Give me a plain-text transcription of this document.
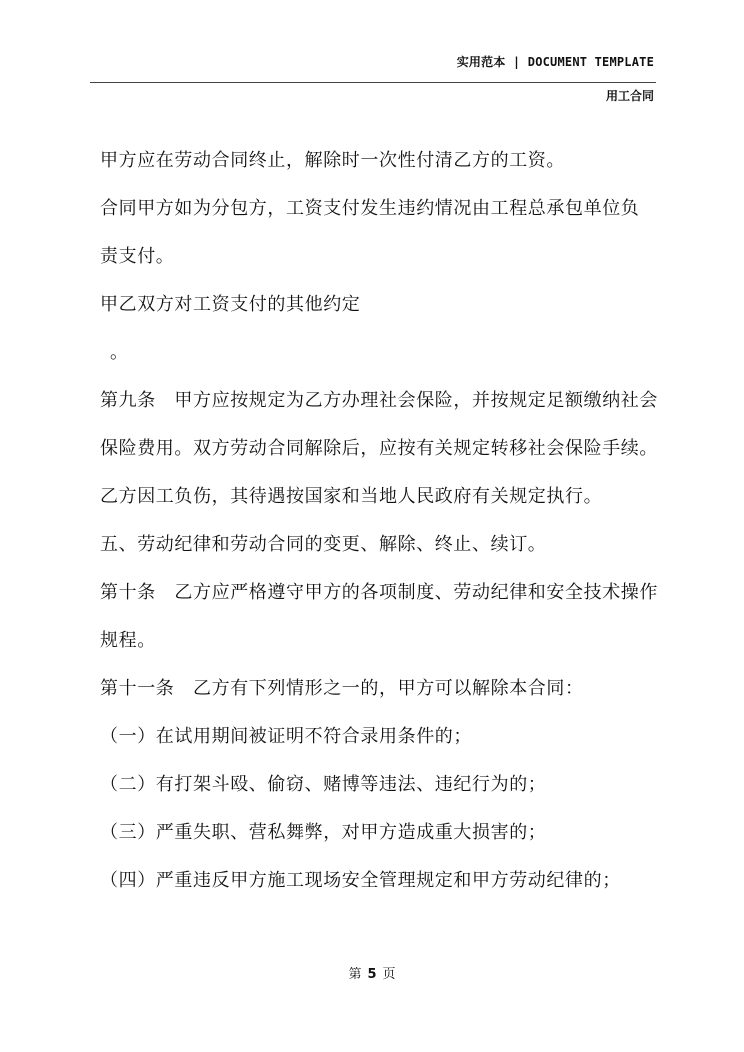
实用范本 | DOCUMENT TEMPLATE
用工合同

甲方应在劳动合同终止，解除时一次性付清乙方的工资。

合同甲方如为分包方，工资支付发生违约情况由工程总承包单位负

责支付。

甲乙双方对工资支付的其他约定

。

第九条　甲方应按规定为乙方办理社会保险，并按规定足额缴纳社会

保险费用。双方劳动合同解除后，应按有关规定转移社会保险手续。

乙方因工负伤，其待遇按国家和当地人民政府有关规定执行。

五、劳动纪律和劳动合同的变更、解除、终止、续订。

第十条　乙方应严格遵守甲方的各项制度、劳动纪律和安全技术操作

规程。

第十一条　乙方有下列情形之一的，甲方可以解除本合同：

（一）在试用期间被证明不符合录用条件的；

（二）有打架斗殴、偷窃、赌博等违法、违纪行为的；

（三）严重失职、营私舞弊，对甲方造成重大损害的；

（四）严重违反甲方施工现场安全管理规定和甲方劳动纪律的；

第 5 页
